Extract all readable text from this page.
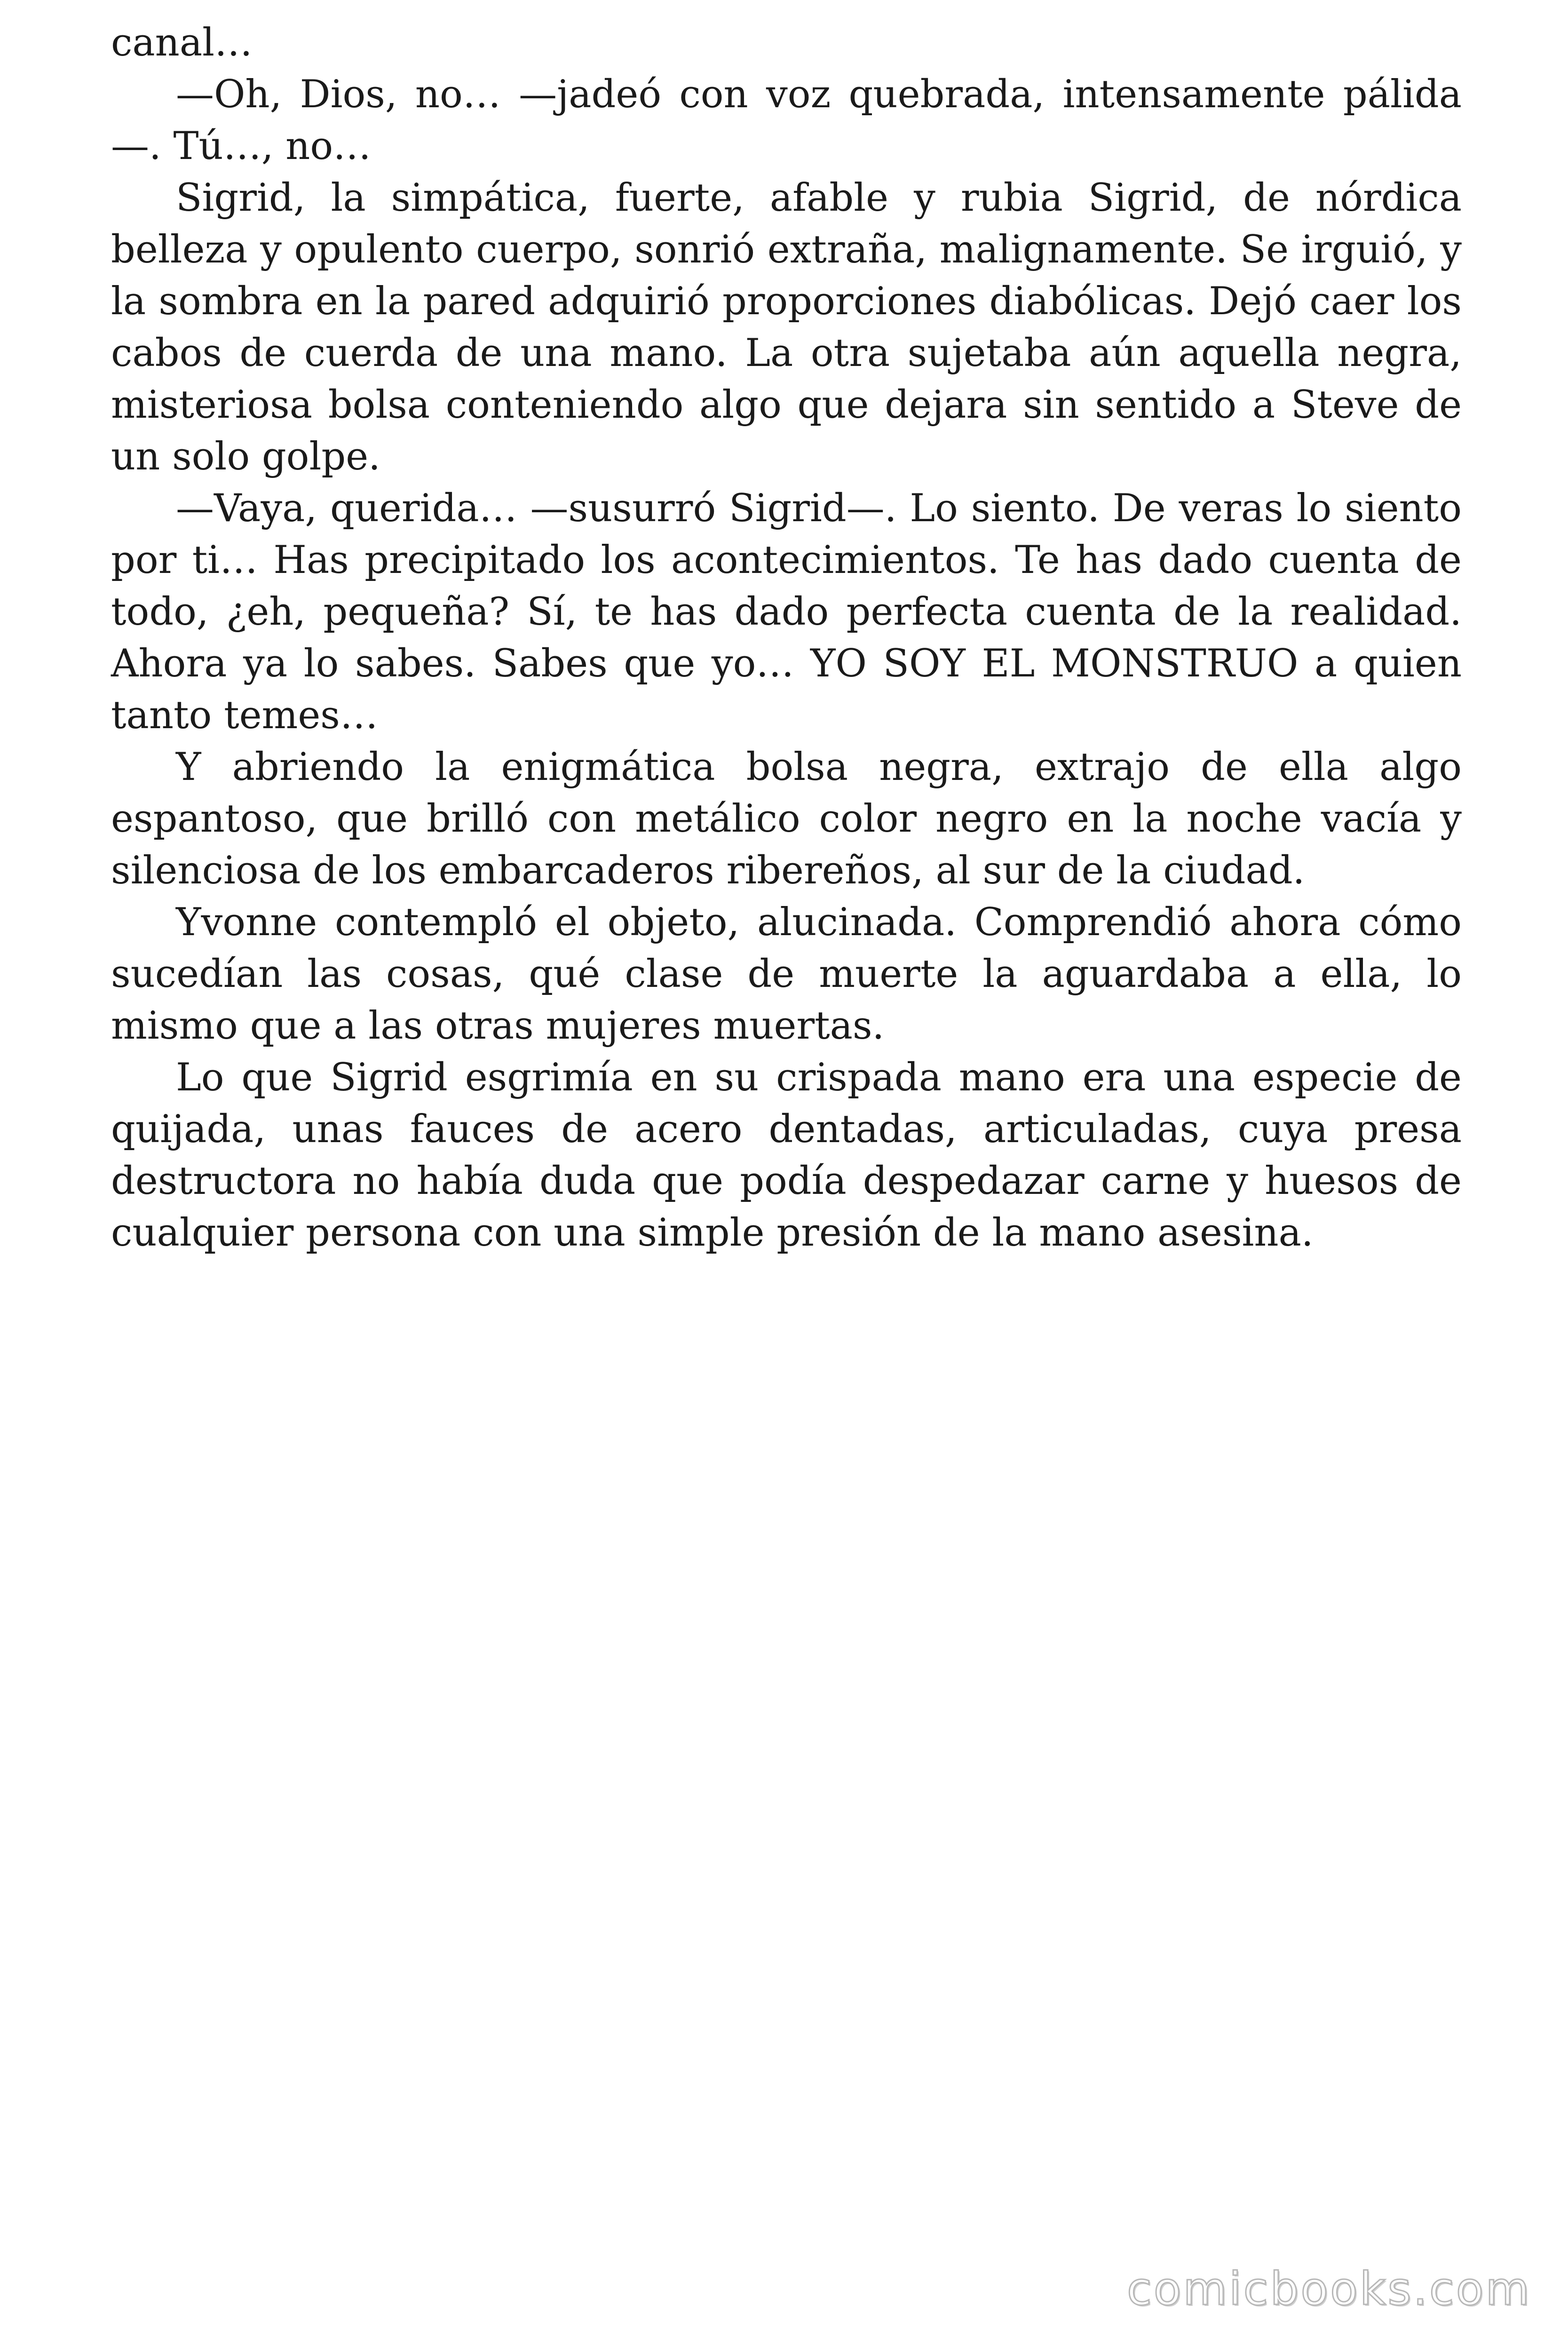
canal…

—Oh, Dios, no… —jadeó con voz quebrada, intensamente pálida —. Tú…, no…

Sigrid, la simpática, fuerte, afable y rubia Sigrid, de nórdica belleza y opulento cuerpo, sonrió extraña, malignamente. Se irguió, y la sombra en la pared adquirió proporciones diabólicas. Dejó caer los cabos de cuerda de una mano. La otra sujetaba aún aquella negra, misteriosa bolsa conteniendo algo que dejara sin sentido a Steve de un solo golpe.

—Vaya, querida… —susurró Sigrid—. Lo siento. De veras lo siento por ti… Has precipitado los acontecimientos. Te has dado cuenta de todo, ¿eh, pequeña? Sí, te has dado perfecta cuenta de la realidad. Ahora ya lo sabes. Sabes que yo… YO SOY EL MONSTRUO a quien tanto temes…

Y abriendo la enigmática bolsa negra, extrajo de ella algo espantoso, que brilló con metálico color negro en la noche vacía y silenciosa de los embarcaderos ribereños, al sur de la ciudad.

Yvonne contempló el objeto, alucinada. Comprendió ahora cómo sucedían las cosas, qué clase de muerte la aguardaba a ella, lo mismo que a las otras mujeres muertas.

Lo que Sigrid esgrimía en su crispada mano era una especie de quijada, unas fauces de acero dentadas, articuladas, cuya presa destructora no había duda que podía despedazar carne y huesos de cualquier persona con una simple presión de la mano asesina.

comicbooks.com
